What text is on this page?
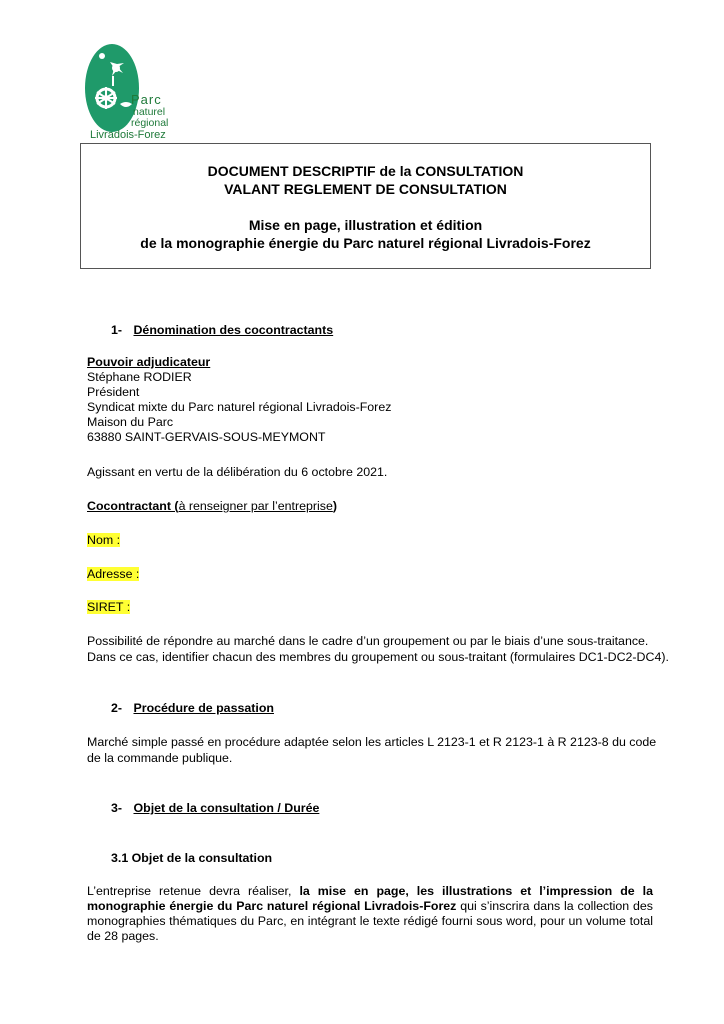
Parc
naturel
régional
Livradois-Forez
DOCUMENT DESCRIPTIF de la CONSULTATION
VALANT REGLEMENT DE CONSULTATION
Mise en page, illustration et édition
de la monographie énergie du Parc naturel régional Livradois-Forez
1- Dénomination des cocontractants
Pouvoir adjudicateur
Stéphane RODIER
Président
Syndicat mixte du Parc naturel régional Livradois-Forez
Maison du Parc
63880 SAINT-GERVAIS-SOUS-MEYMONT
Agissant en vertu de la délibération du 6 octobre 2021.
Cocontractant (à renseigner par l’entreprise)
Nom :
Adresse :
SIRET :
Possibilité de répondre au marché dans le cadre d’un groupement ou par le biais d’une sous-traitance.
Dans ce cas, identifier chacun des membres du groupement ou sous-traitant (formulaires DC1-DC2-DC4).
2- Procédure de passation
Marché simple passé en procédure adaptée selon les articles L 2123-1 et R 2123-1 à R 2123-8 du code
de la commande publique.
3- Objet de la consultation / Durée
3.1 Objet de la consultation
L’entreprise retenue devra réaliser, la mise en page, les illustrations et l’impression de la monographie énergie du Parc naturel régional Livradois-Forez qui s’inscrira dans la collection des monographies thématiques du Parc, en intégrant le texte rédigé fourni sous word, pour un volume total de 28 pages.
